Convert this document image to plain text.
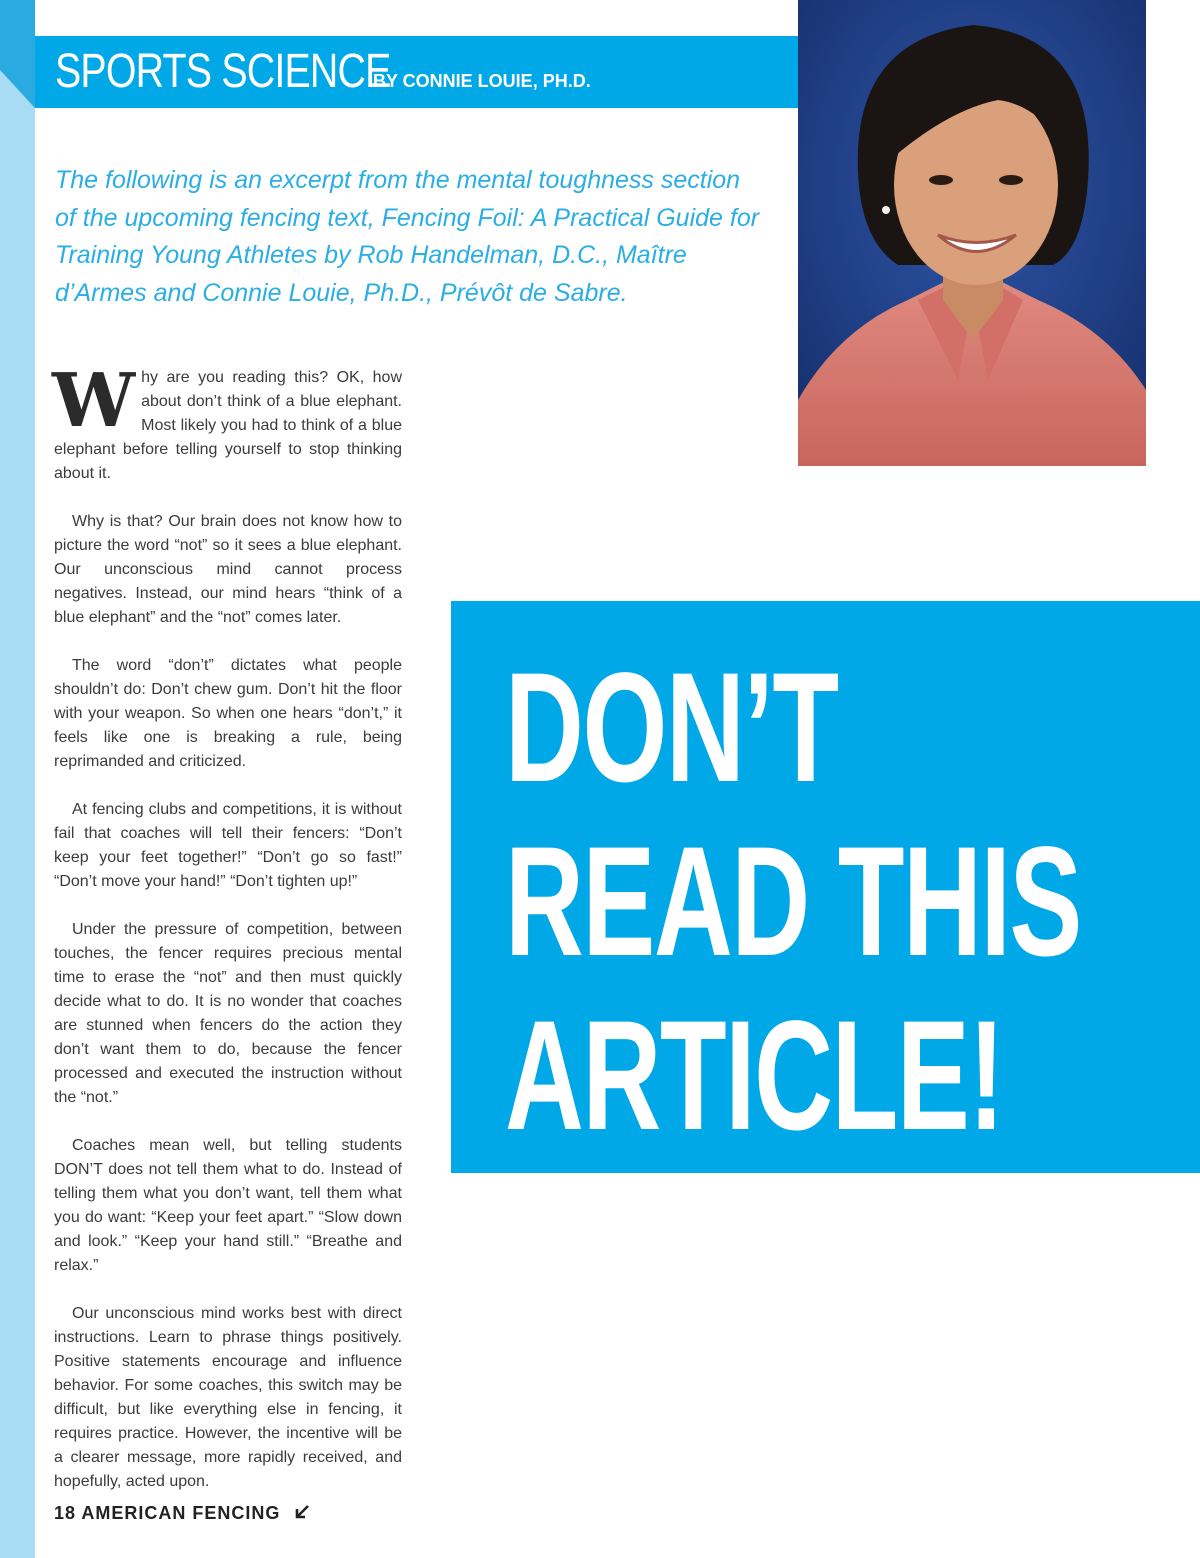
SPORTS SCIENCE
BY CONNIE LOUIE, PH.D.

The following is an excerpt from the mental toughness section of the upcoming fencing text, Fencing Foil: A Practical Guide for Training Young Athletes by Rob Handelman, D.C., Maître d’Armes and Connie Louie, Ph.D., Prévôt de Sabre.

Why are you reading this? OK, how about don’t think of a blue elephant. Most likely you had to think of a blue elephant before telling yourself to stop thinking about it.

Why is that? Our brain does not know how to picture the word “not” so it sees a blue elephant. Our unconscious mind cannot process negatives. Instead, our mind hears “think of a blue elephant” and the “not” comes later.

The word “don’t” dictates what people shouldn’t do: Don’t chew gum. Don’t hit the floor with your weapon. So when one hears “don’t,” it feels like one is breaking a rule, being reprimanded and criticized.

At fencing clubs and competitions, it is without fail that coaches will tell their fencers: “Don’t keep your feet together!” “Don’t go so fast!” “Don’t move your hand!” “Don’t tighten up!”

Under the pressure of competition, between touches, the fencer requires precious mental time to erase the “not” and then must quickly decide what to do. It is no wonder that coaches are stunned when fencers do the action they don’t want them to do, because the fencer processed and executed the instruction without the “not.”

Coaches mean well, but telling students DON’T does not tell them what to do. Instead of telling them what you don’t want, tell them what you do want: “Keep your feet apart.” “Slow down and look.” “Keep your hand still.” “Breathe and relax.”

Our unconscious mind works best with direct instructions. Learn to phrase things positively. Positive statements encourage and influence behavior. For some coaches, this switch may be difficult, but like everything else in fencing, it requires practice. However, the incentive will be a clearer message, more rapidly received, and hopefully, acted upon.

DON’T
READ THIS
ARTICLE!
18 AMERICAN FENCING
